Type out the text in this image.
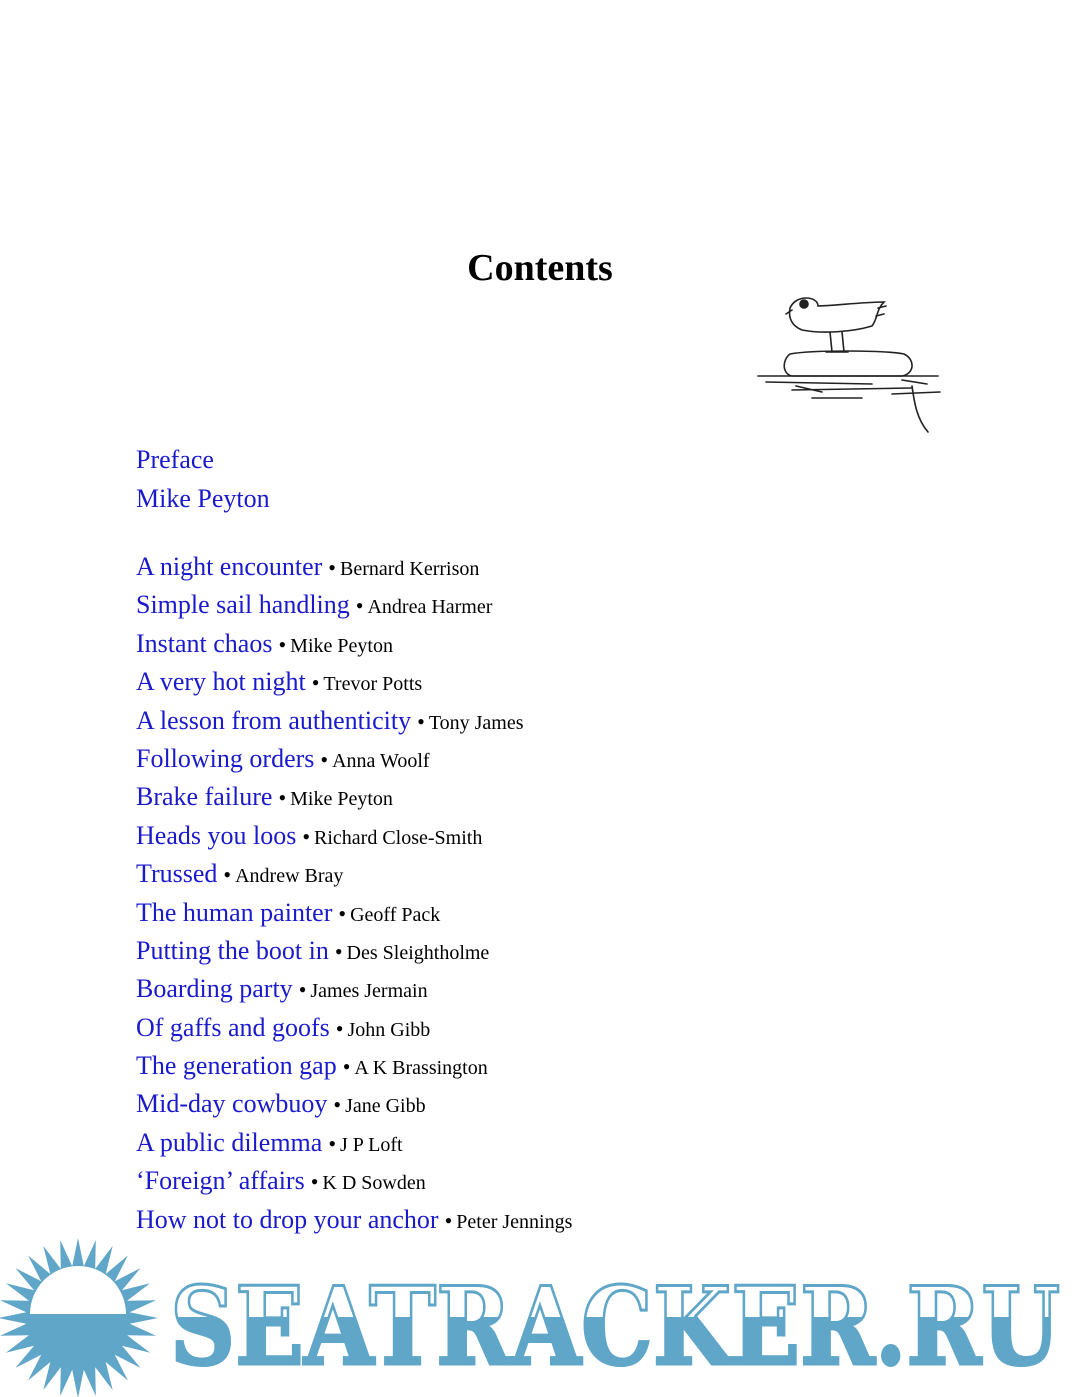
Contents
Preface
Mike Peyton
A night encounter • Bernard Kerrison
Simple sail handling • Andrea Harmer
Instant chaos • Mike Peyton
A very hot night • Trevor Potts
A lesson from authenticity • Tony James
Following orders • Anna Woolf
Brake failure • Mike Peyton
Heads you loos • Richard Close-Smith
Trussed • Andrew Bray
The human painter • Geoff Pack
Putting the boot in • Des Sleightholme
Boarding party • James Jermain
Of gaffs and goofs • John Gibb
The generation gap • A K Brassington
Mid-day cowbuoy • Jane Gibb
A public dilemma • J P Loft
‘Foreign’ affairs • K D Sowden
How not to drop your anchor • Peter Jennings
SEATRACKER.RU
